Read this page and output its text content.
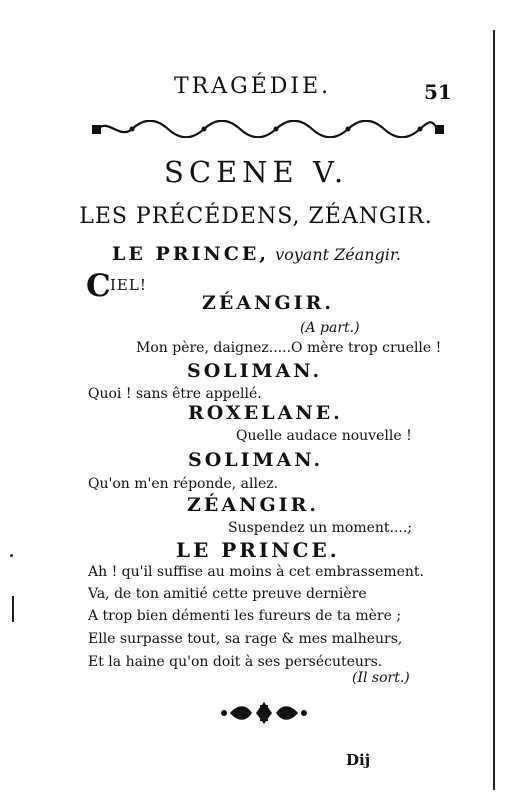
TRAGÉDIE.	51
SCENE V.
LES PRÉCÉDENS, ZÉANGIR.
LE PRINCE, voyant Zéangir.
C IEL!
ZÉANGIR.
(A part.)
Mon père, daignez.....O mère trop cruelle !
SOLIMAN.
Quoi ! sans être appellé.
ROXELANE.
Quelle audace nouvelle !
SOLIMAN.
Qu'on m'en réponde, allez.
ZÉANGIR.
Suspendez un moment....;
LE PRINCE.
Ah ! qu'il suffise au moins à cet embrassement.
Va, de ton amitié cette preuve dernière
A trop bien démenti les fureurs de ta mère ;
Elle surpasse tout, sa rage & mes malheurs,
Et la haine qu'on doit à ses persécuteurs.
(Il sort.)
Dij
